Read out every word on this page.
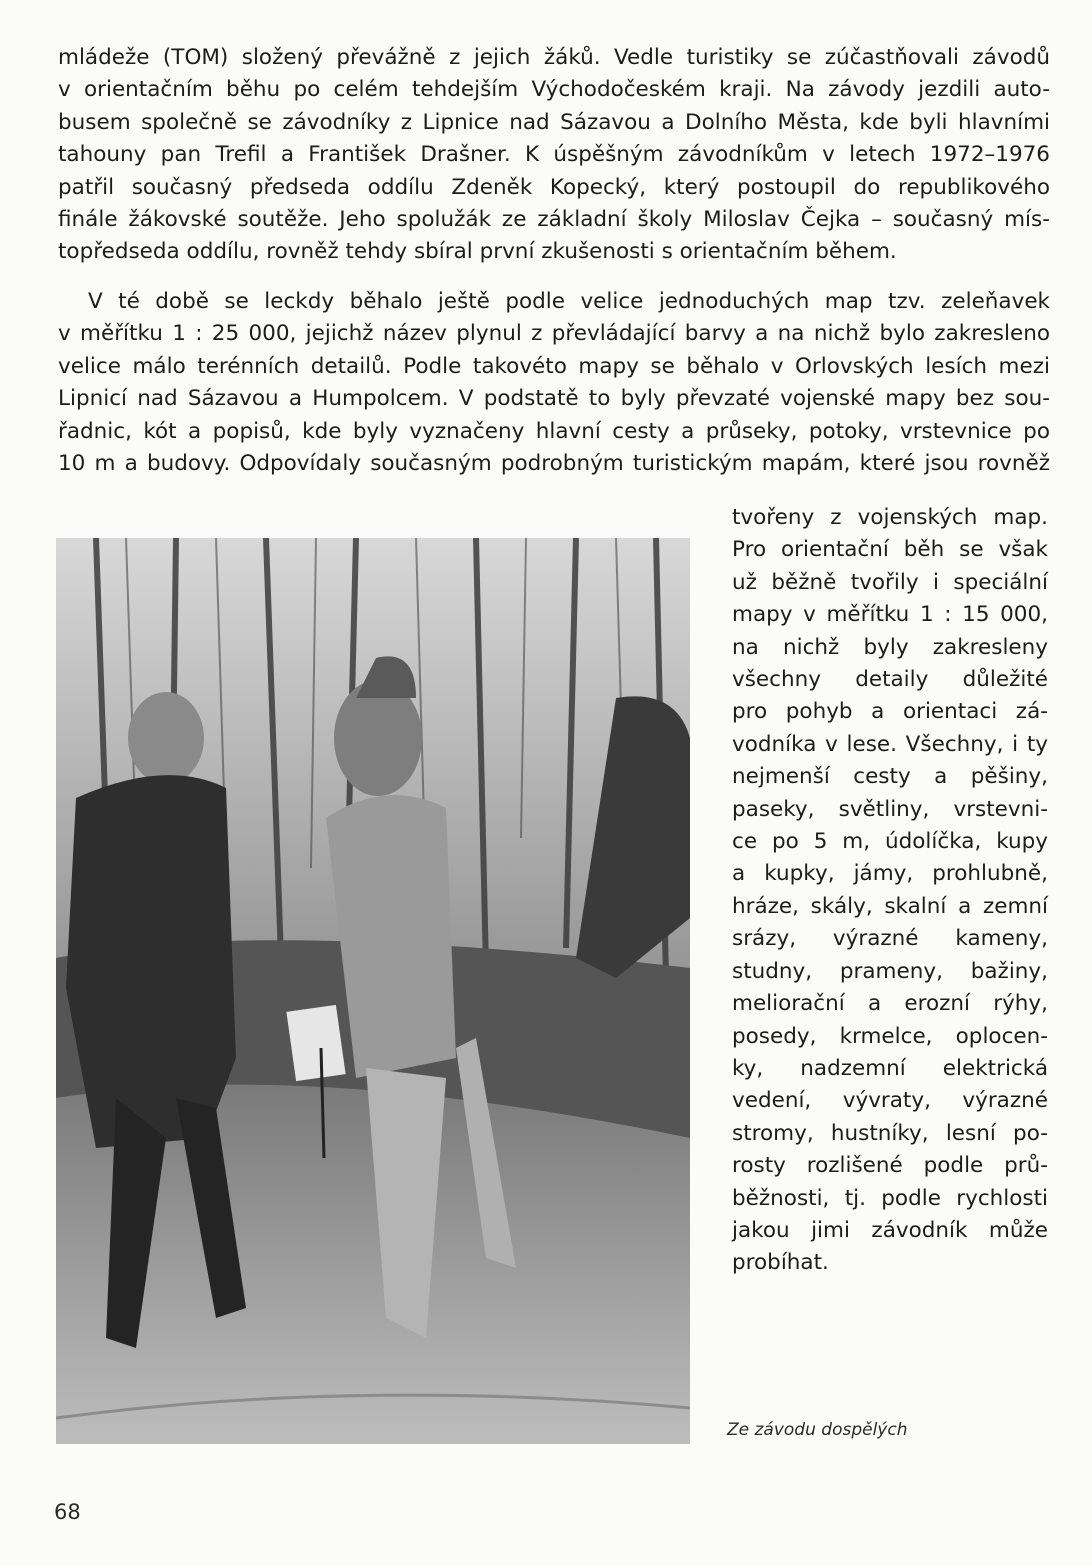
mládeže (TOM) složený převážně z jejich žáků. Vedle turistiky se zúčastňovali závodů
v orientačním běhu po celém tehdejším Východočeském kraji. Na závody jezdili auto-
busem společně se závodníky z Lipnice nad Sázavou a Dolního Města, kde byli hlavními
tahouny pan Trefil a František Drašner. K úspěšným závodníkům v letech 1972–1976
patřil současný předseda oddílu Zdeněk Kopecký, který postoupil do republikového
finále žákovské soutěže. Jeho spolužák ze základní školy Miloslav Čejka – současný mís-
topředseda oddílu, rovněž tehdy sbíral první zkušenosti s orientačním během.
V té době se leckdy běhalo ještě podle velice jednoduchých map tzv. zeleňavek
v měřítku 1 : 25 000, jejichž název plynul z převládající barvy a na nichž bylo zakresleno
velice málo terénních detailů. Podle takovéto mapy se běhalo v Orlovských lesích mezi
Lipnicí nad Sázavou a Humpolcem. V podstatě to byly převzaté vojenské mapy bez sou-
řadnic, kót a popisů, kde byly vyznačeny hlavní cesty a průseky, potoky, vrstevnice po
10 m a budovy. Odpovídaly současným podrobným turistickým mapám, které jsou rovněž
tvořeny z vojenských map.
Pro orientační běh se však
už běžně tvořily i speciální
mapy v měřítku 1 : 15 000,
na nichž byly zakresleny
všechny detaily důležité
pro pohyb a orientaci zá-
vodníka v lese. Všechny, i ty
nejmenší cesty a pěšiny,
paseky, světliny, vrstevni-
ce po 5 m, údolíčka, kupy
a kupky, jámy, prohlubně,
hráze, skály, skalní a zemní
srázy, výrazné kameny,
studny, prameny, bažiny,
meliorační a erozní rýhy,
posedy, krmelce, oplocen-
ky, nadzemní elektrická
vedení, vývraty, výrazné
stromy, hustníky, lesní po-
rosty rozlišené podle prů-
běžnosti, tj. podle rychlosti
jakou jimi závodník může
probíhat.
Ze závodu dospělých
68
